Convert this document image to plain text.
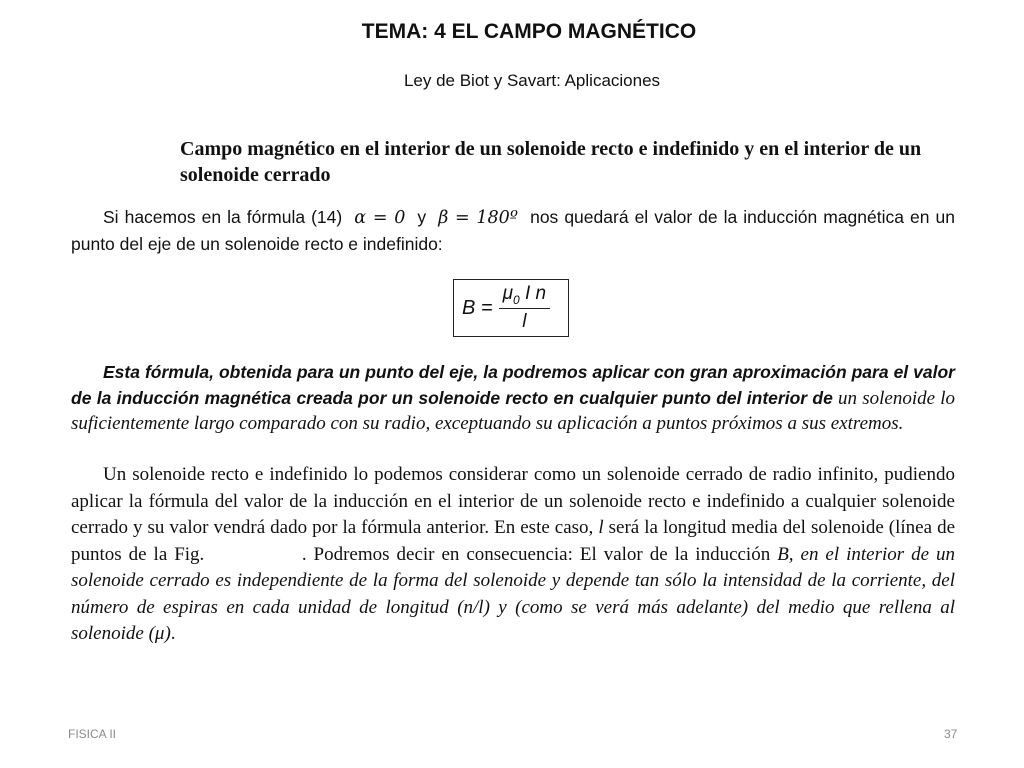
TEMA: 4 EL CAMPO MAGNÉTICO
Ley de Biot y Savart: Aplicaciones

Campo magnético en el interior de un solenoide recto e indefinido y en el interior de un solenoide cerrado

Si hacemos en la fórmula (14) α = 0 y β = 180º nos quedará el valor de la inducción magnética en un punto del eje de un solenoide recto e indefinido:

$B = \frac{\mu_0 I n}{l}$

Esta fórmula, obtenida para un punto del eje, la podremos aplicar con gran aproximación para el valor de la inducción magnética creada por un solenoide recto en cualquier punto del interior de un solenoide lo suficientemente largo comparado con su radio, exceptuando su aplicación a puntos próximos a sus extremos.

Un solenoide recto e indefinido lo podemos considerar como un solenoide cerrado de radio infinito, pudiendo aplicar la fórmula del valor de la inducción en el interior de un solenoide recto e indefinido a cualquier solenoide cerrado y su valor vendrá dado por la fórmula anterior. En este caso, l será la longitud media del solenoide (línea de puntos de la Fig.	. Podremos decir en consecuencia: El valor de la inducción B, en el interior de un solenoide cerrado es independiente de la forma del solenoide y depende tan sólo la intensidad de la corriente, del número de espiras en cada unidad de longitud (n/l) y (como se verá más adelante) del medio que rellena al solenoide (μ).

FISICA II	37
